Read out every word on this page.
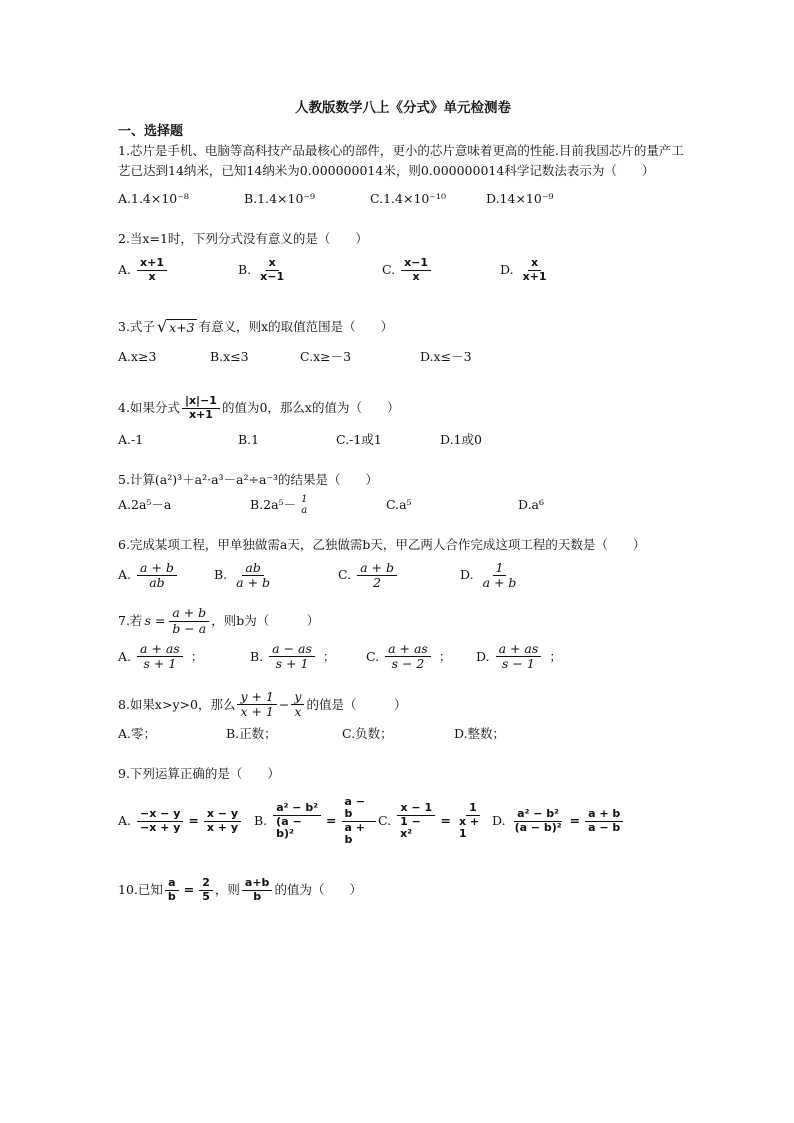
人教版数学八上《分式》单元检测卷
一、选择题
1.芯片是手机、电脑等高科技产品最核心的部件，更小的芯片意味着更高的性能.目前我国芯片的量产工艺已达到14纳米，已知14纳米为0.000000014米，则0.000000014科学记数法表示为（　　）
A.1.4×10⁻⁸	B.1.4×10⁻⁹	C.1.4×10⁻¹⁰	D.14×10⁻⁹
2.当x=1时，下列分式没有意义的是（　　）
A. $\frac{x+1}{x}$	B. $\frac{x}{x-1}$	C. $\frac{x-1}{x}$	D. $\frac{x}{x+1}$
3.式子 √ x+3 有意义，则x的取值范围是（　　）
A.x≥3	B.x≤3	C.x≥－3	D.x≤－3
4.如果分式 $\frac{|x|-1}{x+1}$ 的值为0，那么x的值为（　　）
A.-1	B.1	C.-1或1	D.1或0
5.计算(a²)³＋a²·a³－a²÷a⁻³的结果是（　　）
A.2a⁵－a	B.2a⁵－ 1
a	C.a⁵	D.a⁶
6.完成某项工程，甲单独做需a天，乙独做需b天，甲乙两人合作完成这项工程的天数是（　　）
A. $\frac{a + b}{ab}$	B. $\frac{ab}{a + b}$	C. $\frac{a + b}{2}$	D. $\frac{1}{a + b}$
7.若 $s = \frac{a + b}{b - a}$ ，则b为（　　　）
A. $\frac{a + as}{s + 1}$ ；	B. $\frac{a - as}{s + 1}$ ； C. $\frac{a + as}{s - 2}$ ； D. $\frac{a + as}{s - 1}$ ；
8.如果x>y>0，那么 $\frac{y + 1}{x + 1} - \frac{y}{x}$ 的值是（　　　）
A.零；	B.正数；	C.负数；	D.整数；
9.下列运算正确的是（　　）
A. $\frac{-x - y}{-x + y} = \frac{x - y}{x + y} B$. $\frac{\text{a² − b²}}{\text{(a − b)²}} = \frac{a - b}{a + b} C$. $\frac{x - 1}{\text{1 − x²}} = \frac{1}{x + 1} D$. $\frac{\text{a² − b²}}{\text{(a − b)²}} = \frac{a + b}{a - b}$
10.已知 $\frac{a}{b} = \frac{2}{5}$ ，则 $\frac{a+b}{b}$ 的值为（　　）
